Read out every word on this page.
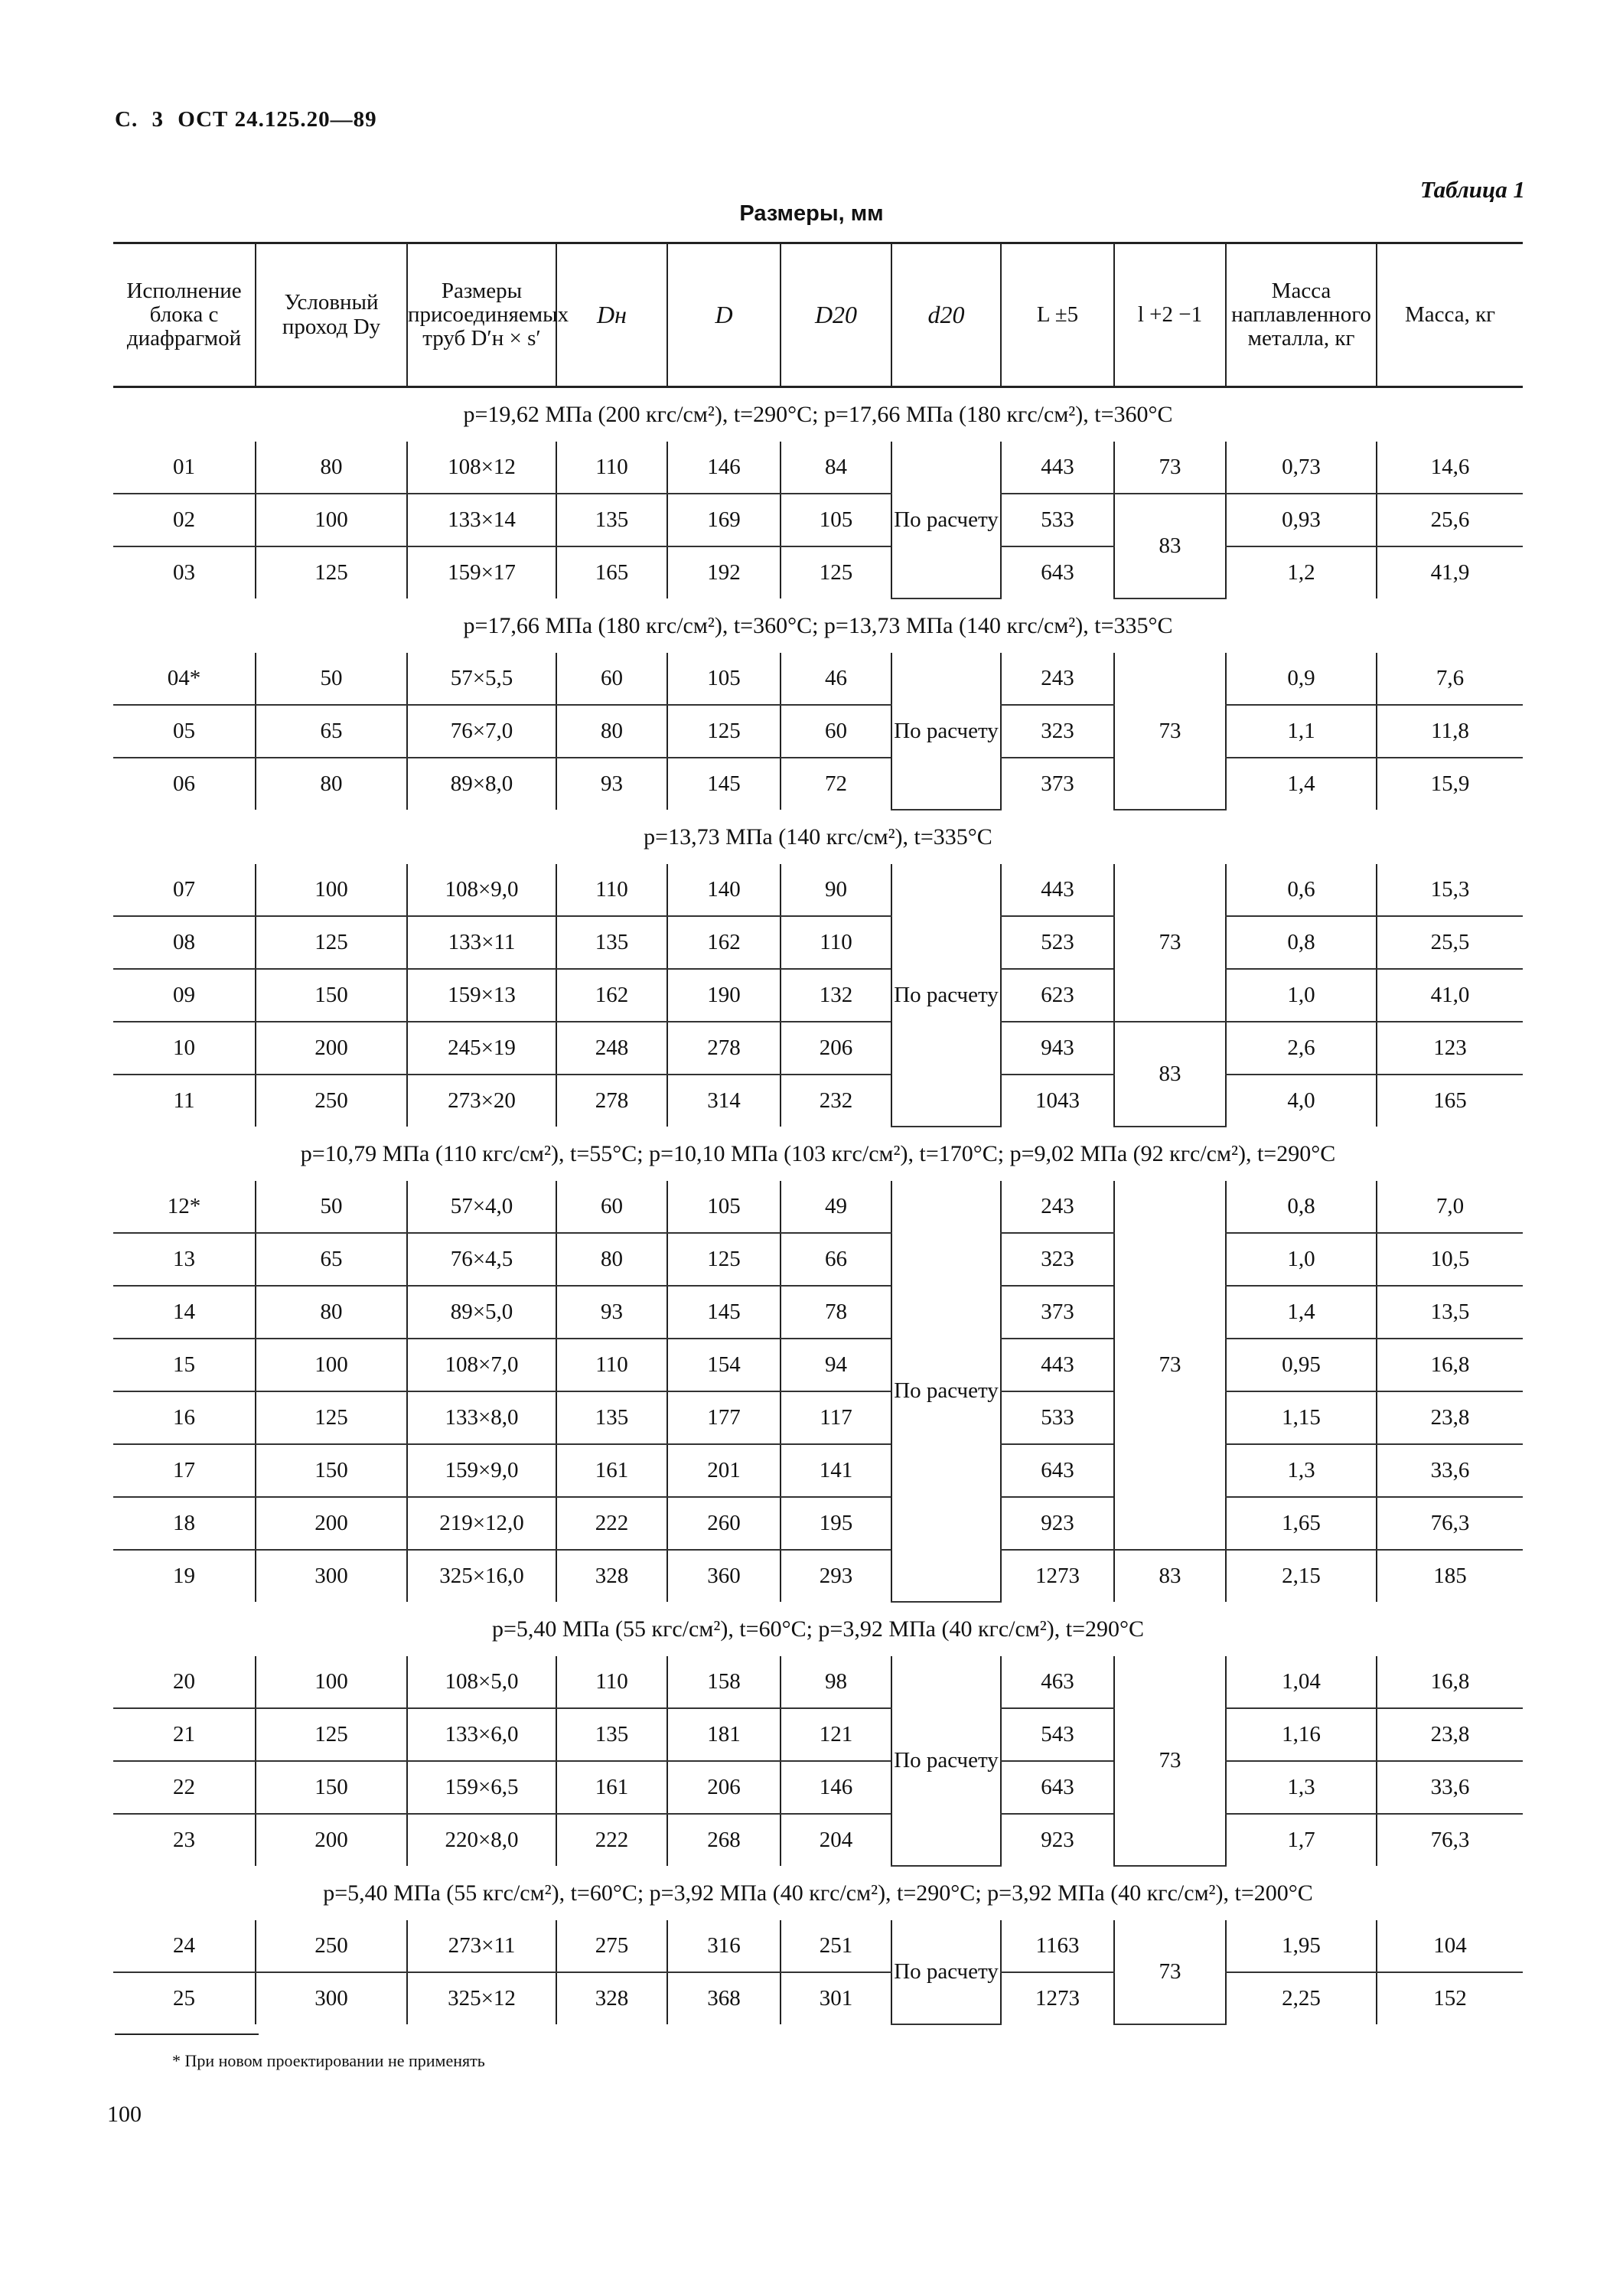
С. 3 ОСТ 24.125.20—89
Таблица 1
Размеры, мм
Исполнение блока с диафрагмой	Условный проход Dу	Размеры присоединяемых труб D′н × s′	Dн	D	D20	d20	L ±5	l +2 −1	Масса наплавленного металла, кг	Масса, кг
p=19,62 МПа (200 кгс/см²), t=290°C; p=17,66 МПа (180 кгс/см²), t=360°C										
01	80	108×12	110	146	84	По расчету	443	73	0,73	14,6
02	100	133×14	135	169	105		533	83	0,93	25,6
03	125	159×17	165	192	125		643		1,2	41,9
p=17,66 МПа (180 кгс/см²), t=360°C; p=13,73 МПа (140 кгс/см²), t=335°C										
04*	50	57×5,5	60	105	46	По расчету	243	73	0,9	7,6
05	65	76×7,0	80	125	60		323		1,1	11,8
06	80	89×8,0	93	145	72		373		1,4	15,9
p=13,73 МПа (140 кгс/см²), t=335°C										
07	100	108×9,0	110	140	90	По расчету	443	73	0,6	15,3
08	125	133×11	135	162	110		523		0,8	25,5
09	150	159×13	162	190	132		623		1,0	41,0
10	200	245×19	248	278	206		943	83	2,6	123
11	250	273×20	278	314	232		1043		4,0	165
p=10,79 МПа (110 кгс/см²), t=55°C; p=10,10 МПа (103 кгс/см²), t=170°C; p=9,02 МПа (92 кгс/см²), t=290°C										
12*	50	57×4,0	60	105	49	По расчету	243	73	0,8	7,0
13	65	76×4,5	80	125	66		323		1,0	10,5
14	80	89×5,0	93	145	78		373		1,4	13,5
15	100	108×7,0	110	154	94		443		0,95	16,8
16	125	133×8,0	135	177	117		533		1,15	23,8
17	150	159×9,0	161	201	141		643		1,3	33,6
18	200	219×12,0	222	260	195		923		1,65	76,3
19	300	325×16,0	328	360	293		1273	83	2,15	185
p=5,40 МПа (55 кгс/см²), t=60°C; p=3,92 МПа (40 кгс/см²), t=290°C										
20	100	108×5,0	110	158	98	По расчету	463	73	1,04	16,8
21	125	133×6,0	135	181	121		543		1,16	23,8
22	150	159×6,5	161	206	146		643		1,3	33,6
23	200	220×8,0	222	268	204		923		1,7	76,3
p=5,40 МПа (55 кгс/см²), t=60°C; p=3,92 МПа (40 кгс/см²), t=290°C; p=3,92 МПа (40 кгс/см²), t=200°C										
24	250	273×11	275	316	251	По расчету	1163	73	1,95	104
25	300	325×12	328	368	301		1273		2,25	152
* При новом проектировании не применять
100
